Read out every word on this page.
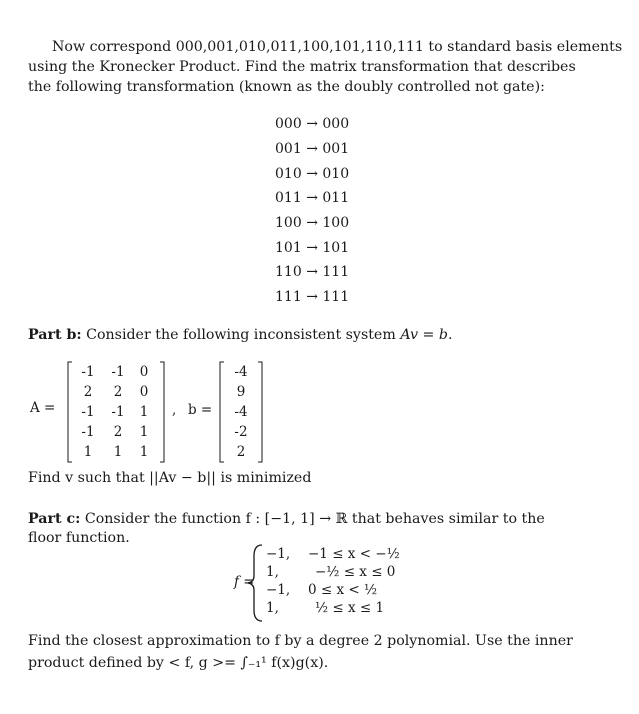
Now correspond 000,001,010,011,100,101,110,111 to standard basis elements
using the Kronecker Product. Find the matrix transformation that describes
the following transformation (known as the doubly controlled not gate):
000 → 000
001 → 001
010 → 010
011 → 011
100 → 100
101 → 101
110 → 111
111 → 111
Part b: Consider the following inconsistent system Av = b.
A =
-1	-1	0
2	2	0
-1	-1	1
-1	2	1
1	1	1
, b =
-4
9
-4
-2
2
Find v such that ||Av − b|| is minimized
Part c: Consider the function f : [−1, 1] → ℝ that behaves similar to the
floor function.
f =
−1, −1 ≤ x < −½
1,	−½ ≤ x ≤ 0
−1, 0 ≤ x < ½
1,	½ ≤ x ≤ 1
Find the closest approximation to f by a degree 2 polynomial. Use the inner
product defined by < f, g >= ∫₋₁¹ f(x)g(x).
